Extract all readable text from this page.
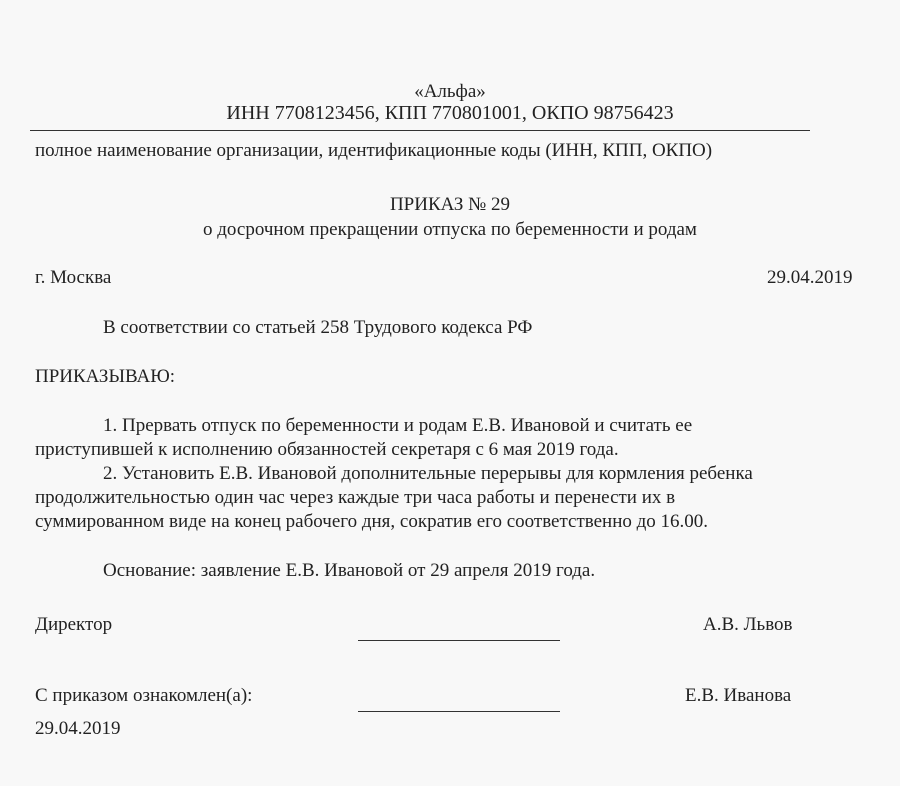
«Альфа»
ИНН 7708123456, КПП 770801001, ОКПО 98756423
полное наименование организации, идентификационные коды (ИНН, КПП, ОКПО)
ПРИКАЗ № 29
о досрочном прекращении отпуска по беременности и родам
г. Москва	29.04.2019
В соответствии со статьей 258 Трудового кодекса РФ
ПРИКАЗЫВАЮ:
1. Прервать отпуск по беременности и родам Е.В. Ивановой и считать ее
приступившей к исполнению обязанностей секретаря с 6 мая 2019 года.
2. Установить Е.В. Ивановой дополнительные перерывы для кормления ребенка
продолжительностью один час через каждые три часа работы и перенести их в
суммированном виде на конец рабочего дня, сократив его соответственно до 16.00.
Основание: заявление Е.В. Ивановой от 29 апреля 2019 года.
Директор	А.В. Львов
С приказом ознакомлен(а):	Е.В. Иванова
29.04.2019
